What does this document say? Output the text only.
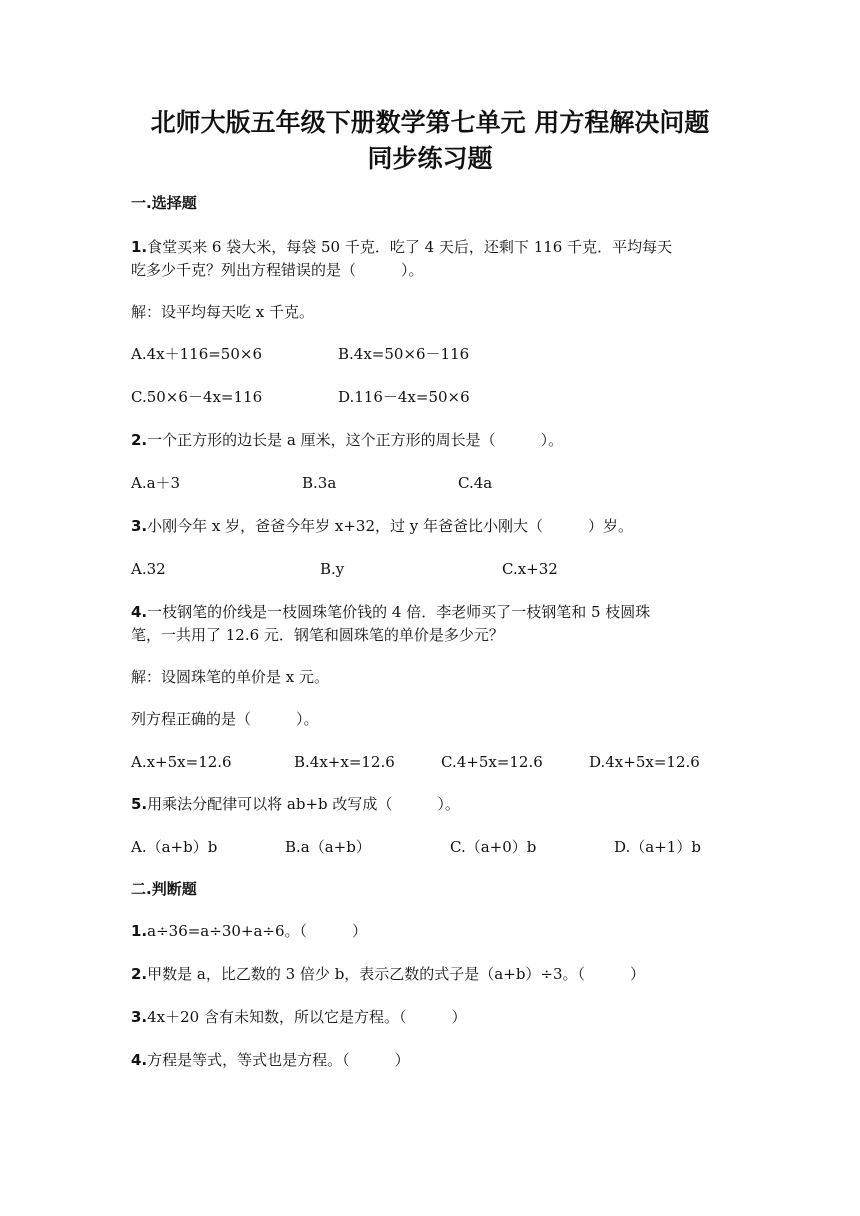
北师大版五年级下册数学第七单元 用方程解决问题
同步练习题
一.选择题
1.食堂买来 6 袋大米，每袋 50 千克．吃了 4 天后，还剩下 116 千克．平均每天
吃多少千克？列出方程错误的是（　　　）。
解：设平均每天吃 x 千克。
A.4x＋116=50×6	B.4x=50×6－116
C.50×6－4x=116	D.116－4x=50×6
2.一个正方形的边长是 a 厘米，这个正方形的周长是（　　　）。
A.a＋3	B.3a	C.4a
3.小刚今年 x 岁，爸爸今年岁 x+32，过 y 年爸爸比小刚大（　　　）岁。
A.32	B.y	C.x+32
4.一枝钢笔的价线是一枝圆珠笔价钱的 4 倍．李老师买了一枝钢笔和 5 枝圆珠
笔，一共用了 12.6 元．钢笔和圆珠笔的单价是多少元？
解：设圆珠笔的单价是 x 元。
列方程正确的是（　　　）。
A.x+5x=12.6	B.4x+x=12.6	C.4+5x=12.6	D.4x+5x=12.6
5.用乘法分配律可以将 ab+b 改写成（　　　）。
A.（a+b）b	B.a（a+b）	C.（a+0）b	D.（a+1）b
二.判断题
1.a÷36=a÷30+a÷6。（　　　）
2.甲数是 a，比乙数的 3 倍少 b，表示乙数的式子是（a+b）÷3。（　　　）
3.4x＋20 含有未知数，所以它是方程。（　　　）
4.方程是等式，等式也是方程。（　　　）
